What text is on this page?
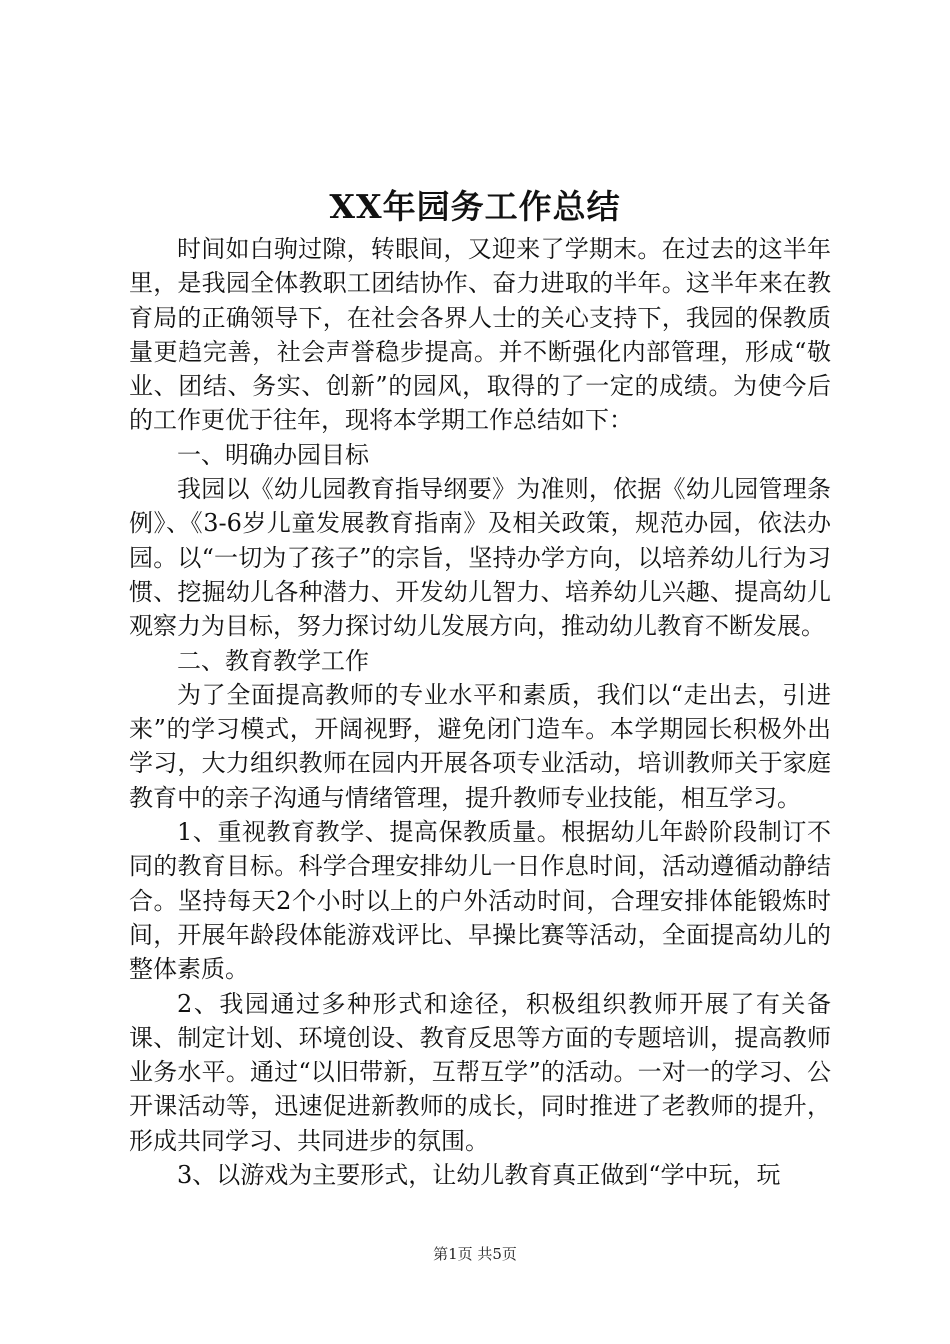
XX年园务工作总结

时间如白驹过隙，转眼间，又迎来了学期末。在过去的这半年里，是我园全体教职工团结协作、奋力进取的半年。这半年来在教育局的正确领导下，在社会各界人士的关心支持下，我园的保教质量更趋完善，社会声誉稳步提高。并不断强化内部管理，形成“敬业、团结、务实、创新”的园风，取得的了一定的成绩。为使今后的工作更优于往年，现将本学期工作总结如下：

一、明确办园目标

我园以《幼儿园教育指导纲要》为准则，依据《幼儿园管理条例》、《3-6岁儿童发展教育指南》及相关政策，规范办园，依法办园。以“一切为了孩子”的宗旨，坚持办学方向，以培养幼儿行为习惯、挖掘幼儿各种潜力、开发幼儿智力、培养幼儿兴趣、提高幼儿观察力为目标，努力探讨幼儿发展方向，推动幼儿教育不断发展。

二、教育教学工作

为了全面提高教师的专业水平和素质，我们以“走出去，引进来”的学习模式，开阔视野，避免闭门造车。本学期园长积极外出学习，大力组织教师在园内开展各项专业活动，培训教师关于家庭教育中的亲子沟通与情绪管理，提升教师专业技能，相互学习。

1、重视教育教学、提高保教质量。根据幼儿年龄阶段制订不同的教育目标。科学合理安排幼儿一日作息时间，活动遵循动静结合。坚持每天2个小时以上的户外活动时间，合理安排体能锻炼时间，开展年龄段体能游戏评比、早操比赛等活动，全面提高幼儿的整体素质。

2、我园通过多种形式和途径，积极组织教师开展了有关备课、制定计划、环境创设、教育反思等方面的专题培训，提高教师业务水平。通过“以旧带新，互帮互学”的活动。一对一的学习、公开课活动等，迅速促进新教师的成长，同时推进了老教师的提升，形成共同学习、共同进步的氛围。

3、以游戏为主要形式，让幼儿教育真正做到“学中玩，玩

第1页 共5页
